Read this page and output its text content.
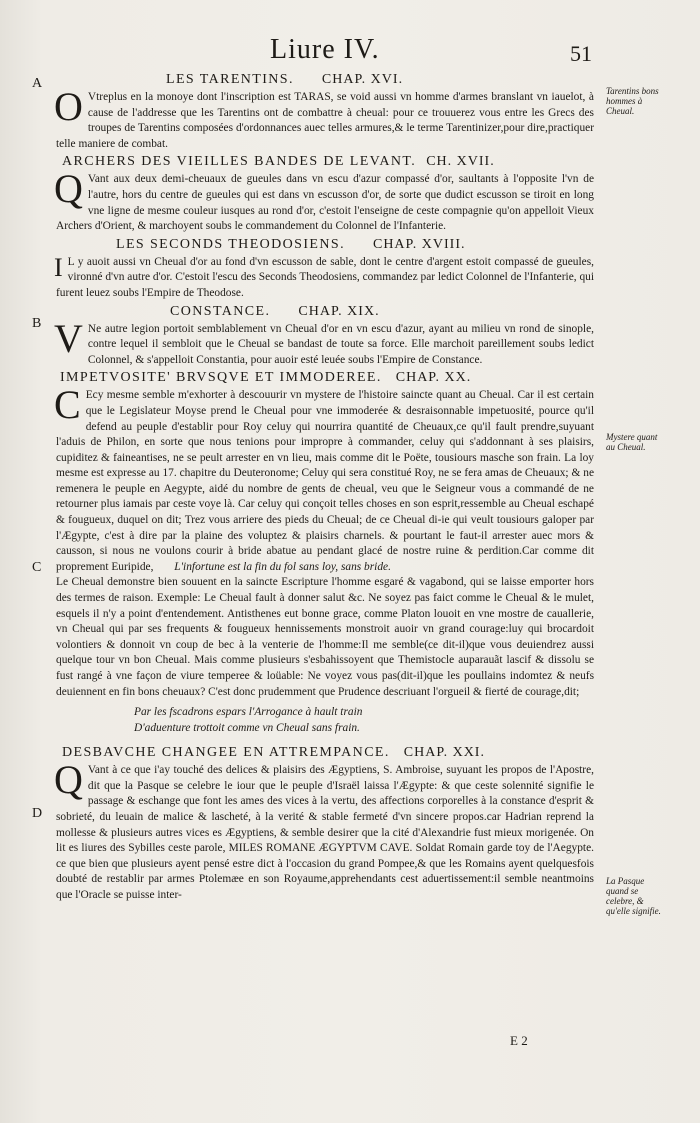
Liure IV.	51
A
B
C
D
Tarentins bons hommes à Cheual.
Mystere quant au Cheual.
La Pasque quand se celebre, & qu'elle signifie.
LES TARENTINS. CHAP. XVI.

O Vtreplus en la monoye dont l'inscription est TARAS, se void aussi vn homme d'armes branslant vn iauelot, à cause de l'addresse que les Tarentins ont de combattre à cheual: pour ce trouuerez vous entre les Grecs des troupes de Tarentins composées d'ordonnances auec telles armures,& le terme Tarentinizer,pour dire,practiquer telle maniere de combat.

ARCHERS DES VIEILLES BANDES DE LEVANT. CH. XVII.

Q Vant aux deux demi-cheuaux de gueules dans vn escu d'azur compassé d'or, saultants à l'opposite l'vn de l'autre, hors du centre de gueules qui est dans vn escusson d'or, de sorte que dudict escusson se tiroit en long vne ligne de mesme couleur iusques au rond d'or, c'estoit l'enseigne de ceste compagnie qu'on appelloit Vieux Archers d'Orient, & marchoyent soubs le commandement du Colonnel de l'Infanterie.

LES SECONDS THEODOSIENS. CHAP. XVIII.

I L y auoit aussi vn Cheual d'or au fond d'vn escusson de sable, dont le centre d'argent estoit compassé de gueules, vironné d'vn autre d'or. C'estoit l'escu des Seconds Theodosiens, commandez par ledict Colonnel de l'Infanterie, qui furent leuez soubs l'Empire de Theodose.

CONSTANCE. CHAP. XIX.

V Ne autre legion portoit semblablement vn Cheual d'or en vn escu d'azur, ayant au milieu vn rond de sinople, contre lequel il sembloit que le Cheual se bandast de toute sa force. Elle marchoit pareillement soubs ledict Colonnel, & s'appelloit Constantia, pour auoir esté leuée soubs l'Empire de Constance.

IMPETVOSITE' BRVSQVE ET IMMODEREE. CHAP. XX.

C Ecy mesme semble m'exhorter à descouurir vn mystere de l'histoire saincte quant au Cheual. Car il est certain que le Legislateur Moyse prend le Cheual pour vne immoderée & desraisonnable impetuosité, pource qu'il defend au peuple d'establir pour Roy celuy qui nourrira quantité de Cheuaux,ce qu'il fault prendre,suyuant l'aduis de Philon, en sorte que nous tenions pour impropre à commander, celuy qui s'addonnant à ses plaisirs, cupiditez & faineantises, ne se peult arrester en vn lieu, mais comme dit le Poëte, tousiours masche son frain. La loy mesme est expresse au 17. chapitre du Deuteronome; Celuy qui sera constitué Roy, ne se fera amas de Cheuaux; & ne remenera le peuple en Aegypte, aidé du nombre de gents de cheual, veu que le Seigneur vous a commandé de ne retourner plus iamais par ceste voye là. Car celuy qui conçoit telles choses en son esprit,ressemble au Cheual eschapé & fougueux, duquel on dit; Trez vous arriere des pieds du Cheual; de ce Cheual di-ie qui veult tousiours galoper par l'Ægypte, c'est à dire par la plaine des voluptez & plaisirs charnels. & pourtant le faut-il arrester auec mors & causson, si nous ne voulons courir à bride abatue au pendant glacé de nostre ruine & perdition.Car comme dit proprement Euripide, L'infortune est la fin du fol sans loy, sans bride.

Le Cheual demonstre bien souuent en la saincte Escripture l'homme esgaré & vagabond, qui se laisse emporter hors des termes de raison. Exemple: Le Cheual fault à donner salut &c. Ne soyez pas faict comme le Cheual & le mulet, esquels il n'y a point d'entendement. Antisthenes eut bonne grace, comme Platon louoit en vne mostre de cauallerie, vn Cheual qui par ses frequents & fougueux hennissements monstroit auoir vn grand courage:luy qui brocardoit volontiers & donnoit vn coup de bec à la venterie de l'homme:Il me semble(ce dit-il)que vous deuiendrez aussi quelque tour vn bon Cheual. Mais comme plusieurs s'esbahissoyent que Themistocle auparauãt lascif & dissolu se fust rangé à vne façon de viure temperee & loüable: Ne voyez vous pas(dit-il)que les poullains indomtez & neufs deuiennent en fin bons cheuaux? C'est donc prudemment que Prudence descriuant l'orgueil & fierté de courage,dit;

Par les fscadrons espars l'Arrogance à hault train
D'aduenture trottoit comme vn Cheual sans frain.
DESBAVCHE CHANGEE EN ATTREMPANCE. CHAP. XXI.

Q Vant à ce que i'ay touché des delices & plaisirs des Ægyptiens, S. Ambroise, suyuant les propos de l'Apostre, dit que la Pasque se celebre le iour que le peuple d'Israël laissa l'Ægypte: & que ceste solennité signifie le passage & eschange que font les ames des vices à la vertu, des affections corporelles à la constance d'esprit & sobrieté, du leuain de malice & lascheté, à la verité & stable fermeté d'vn sincere propos.car Hadrian reprend la mollesse & plusieurs autres vices es Ægyptiens, & semble desirer que la cité d'Alexandrie fust mieux morigenée. On lit es liures des Sybilles ceste parole, MILES ROMANE ÆGYPTVM CAVE. Soldat Romain garde toy de l'Aegypte. ce que bien que plusieurs ayent pensé estre dict à l'occasion du grand Pompee,& que les Romains ayent quelquesfois doubté de restablir par armes Ptolemæe en son Royaume,apprehendants cest aduertissement:il semble neantmoins que l'Oracle se puisse inter-

E 2
